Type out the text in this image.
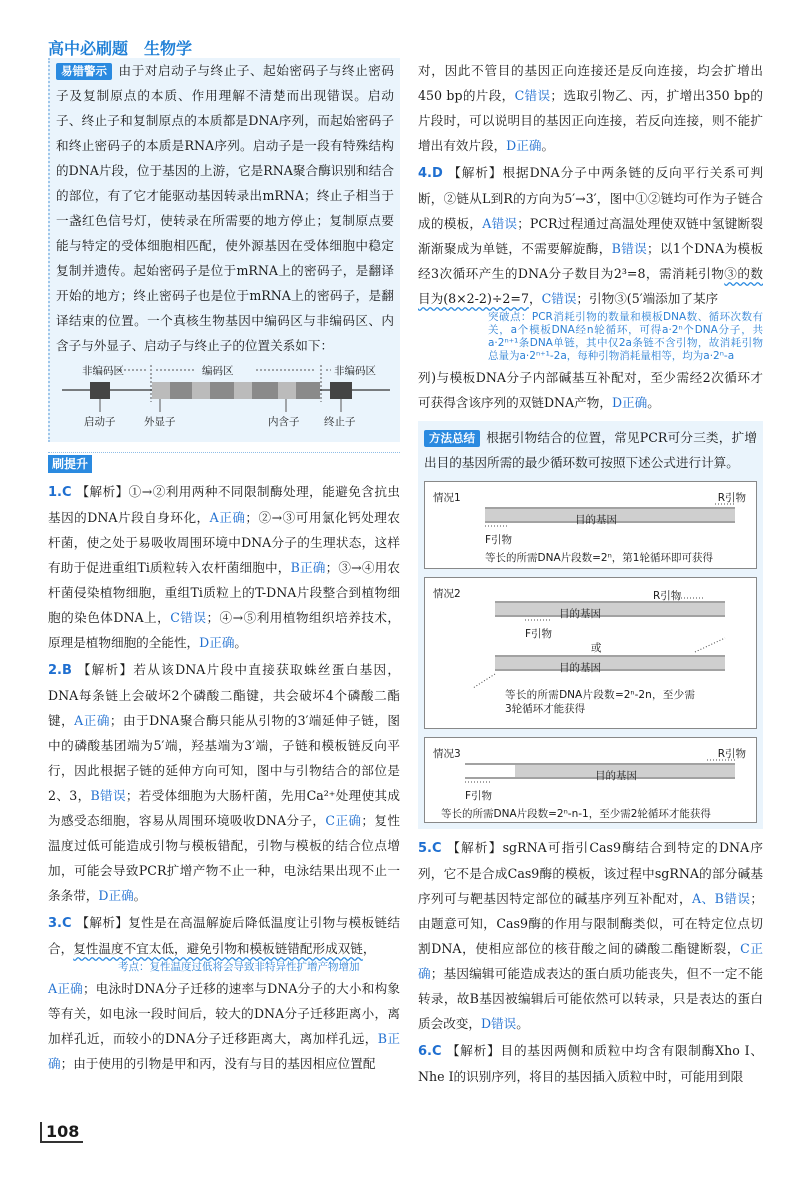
高中必刷题　生物学

易错警示 由于对启动子与终止子、起始密码子与终止密码子及复制原点的本质、作用理解不清楚而出现错误。启动子、终止子和复制原点的本质都是DNA序列，而起始密码子和终止密码子的本质是RNA序列。启动子是一段有特殊结构的DNA片段，位于基因的上游，它是RNA聚合酶识别和结合的部位，有了它才能驱动基因转录出mRNA；终止子相当于一盏红色信号灯，使转录在所需要的地方停止；复制原点要能与特定的受体细胞相匹配，使外源基因在受体细胞中稳定复制并遗传。起始密码子是位于mRNA上的密码子，是翻译开始的地方；终止密码子也是位于mRNA上的密码子，是翻译结束的位置。一个真核生物基因中编码区与非编码区、内含子与外显子、启动子与终止子的位置关系如下：

非编码区	编码区	非编码区
启动子	外显子	内含子 终止子
刷提升

1.C 【解析】①→②利用两种不同限制酶处理，能避免含抗虫基因的DNA片段自身环化，A正确；②→③可用氯化钙处理农杆菌，使之处于易吸收周围环境中DNA分子的生理状态，这样有助于促进重组Ti质粒转入农杆菌细胞中，B正确；③→④用农杆菌侵染植物细胞，重组Ti质粒上的T-DNA片段整合到植物细胞的染色体DNA上，C错误；④→⑤利用植物组织培养技术，原理是植物细胞的全能性，D正确。

2.B 【解析】若从该DNA片段中直接获取蛛丝蛋白基因，DNA每条链上会破坏2个磷酸二酯键，共会破坏4个磷酸二酯键，A正确；由于DNA聚合酶只能从引物的3′端延伸子链，图中的磷酸基团端为5′端，羟基端为3′端，子链和模板链反向平行，因此根据子链的延伸方向可知，图中与引物结合的部位是2、3，B错误；若受体细胞为大肠杆菌，先用Ca²⁺处理使其成为感受态细胞，容易从周围环境吸收DNA分子，C正确；复性温度过低可能造成引物与模板错配，引物与模板的结合位点增加，可能会导致PCR扩增产物不止一种，电泳结果出现不止一条条带，D正确。

3.C 【解析】复性是在高温解旋后降低温度让引物与模板链结合，复性温度不宜太低，避免引物和模板链错配形成双链，

考点：复性温度过低将会导致非特异性扩增产物增加

A正确；电泳时DNA分子迁移的速率与DNA分子的大小和构象等有关，如电泳一段时间后，较大的DNA分子迁移距离小，离加样孔近，而较小的DNA分子迁移距离大，离加样孔远，B正确；由于使用的引物是甲和丙，没有与目的基因相应位置配

对，因此不管目的基因正向连接还是反向连接，均会扩增出450 bp的片段，C错误；选取引物乙、丙，扩增出350 bp的片段时，可以说明目的基因正向连接，若反向连接，则不能扩增出有效片段，D正确。

4.D 【解析】根据DNA分子中两条链的反向平行关系可判断，②链从L到R的方向为5′→3′，图中①②链均可作为子链合成的模板，A错误；PCR过程通过高温处理使双链中氢键断裂渐渐聚成为单链，不需要解旋酶，B错误；以1个DNA为模板经3次循环产生的DNA分子数目为2³=8，需消耗引物③的数目为(8×2-2)÷2=7，C错误；引物③(5′端添加了某序

突破点：PCR消耗引物的数量和模板DNA数、循环次数有关，a个模板DNA经n轮循环，可得a·2ⁿ个DNA分子，共a·2ⁿ⁺¹条DNA单链，其中仅2a条链不含引物，故消耗引物总量为a·2ⁿ⁺¹-2a，每种引物消耗量相等，均为a·2ⁿ-a

列)与模板DNA分子内部碱基互补配对，至少需经2次循环才可获得含该序列的双链DNA产物，D正确。

方法总结 根据引物结合的位置，常见PCR可分三类，扩增出目的基因所需的最少循环数可按照下述公式进行计算。

情况1	R引物
目的基因
F引物
等长的所需DNA片段数=2ⁿ，第1轮循环即可获得
情况2	R引物
目的基因
F引物
或
目的基因
等长的所需DNA片段数=2ⁿ-2n，至少需3轮循环才能获得
情况3	R引物
目的基因
F引物
等长的所需DNA片段数=2ⁿ-n-1，至少需2轮循环才能获得

5.C 【解析】sgRNA可指引Cas9酶结合到特定的DNA序列，它不是合成Cas9酶的模板，该过程中sgRNA的部分碱基序列可与靶基因特定部位的碱基序列互补配对，A、B错误；由题意可知，Cas9酶的作用与限制酶类似，可在特定位点切割DNA，使相应部位的核苷酸之间的磷酸二酯键断裂，C正确；基因编辑可能造成表达的蛋白质功能丧失，但不一定不能转录，故B基因被编辑后可能依然可以转录，只是表达的蛋白质会改变，D错误。

6.C 【解析】目的基因两侧和质粒中均含有限制酶Xho Ⅰ、Nhe Ⅰ的识别序列，将目的基因插入质粒中时，可能用到限

108
